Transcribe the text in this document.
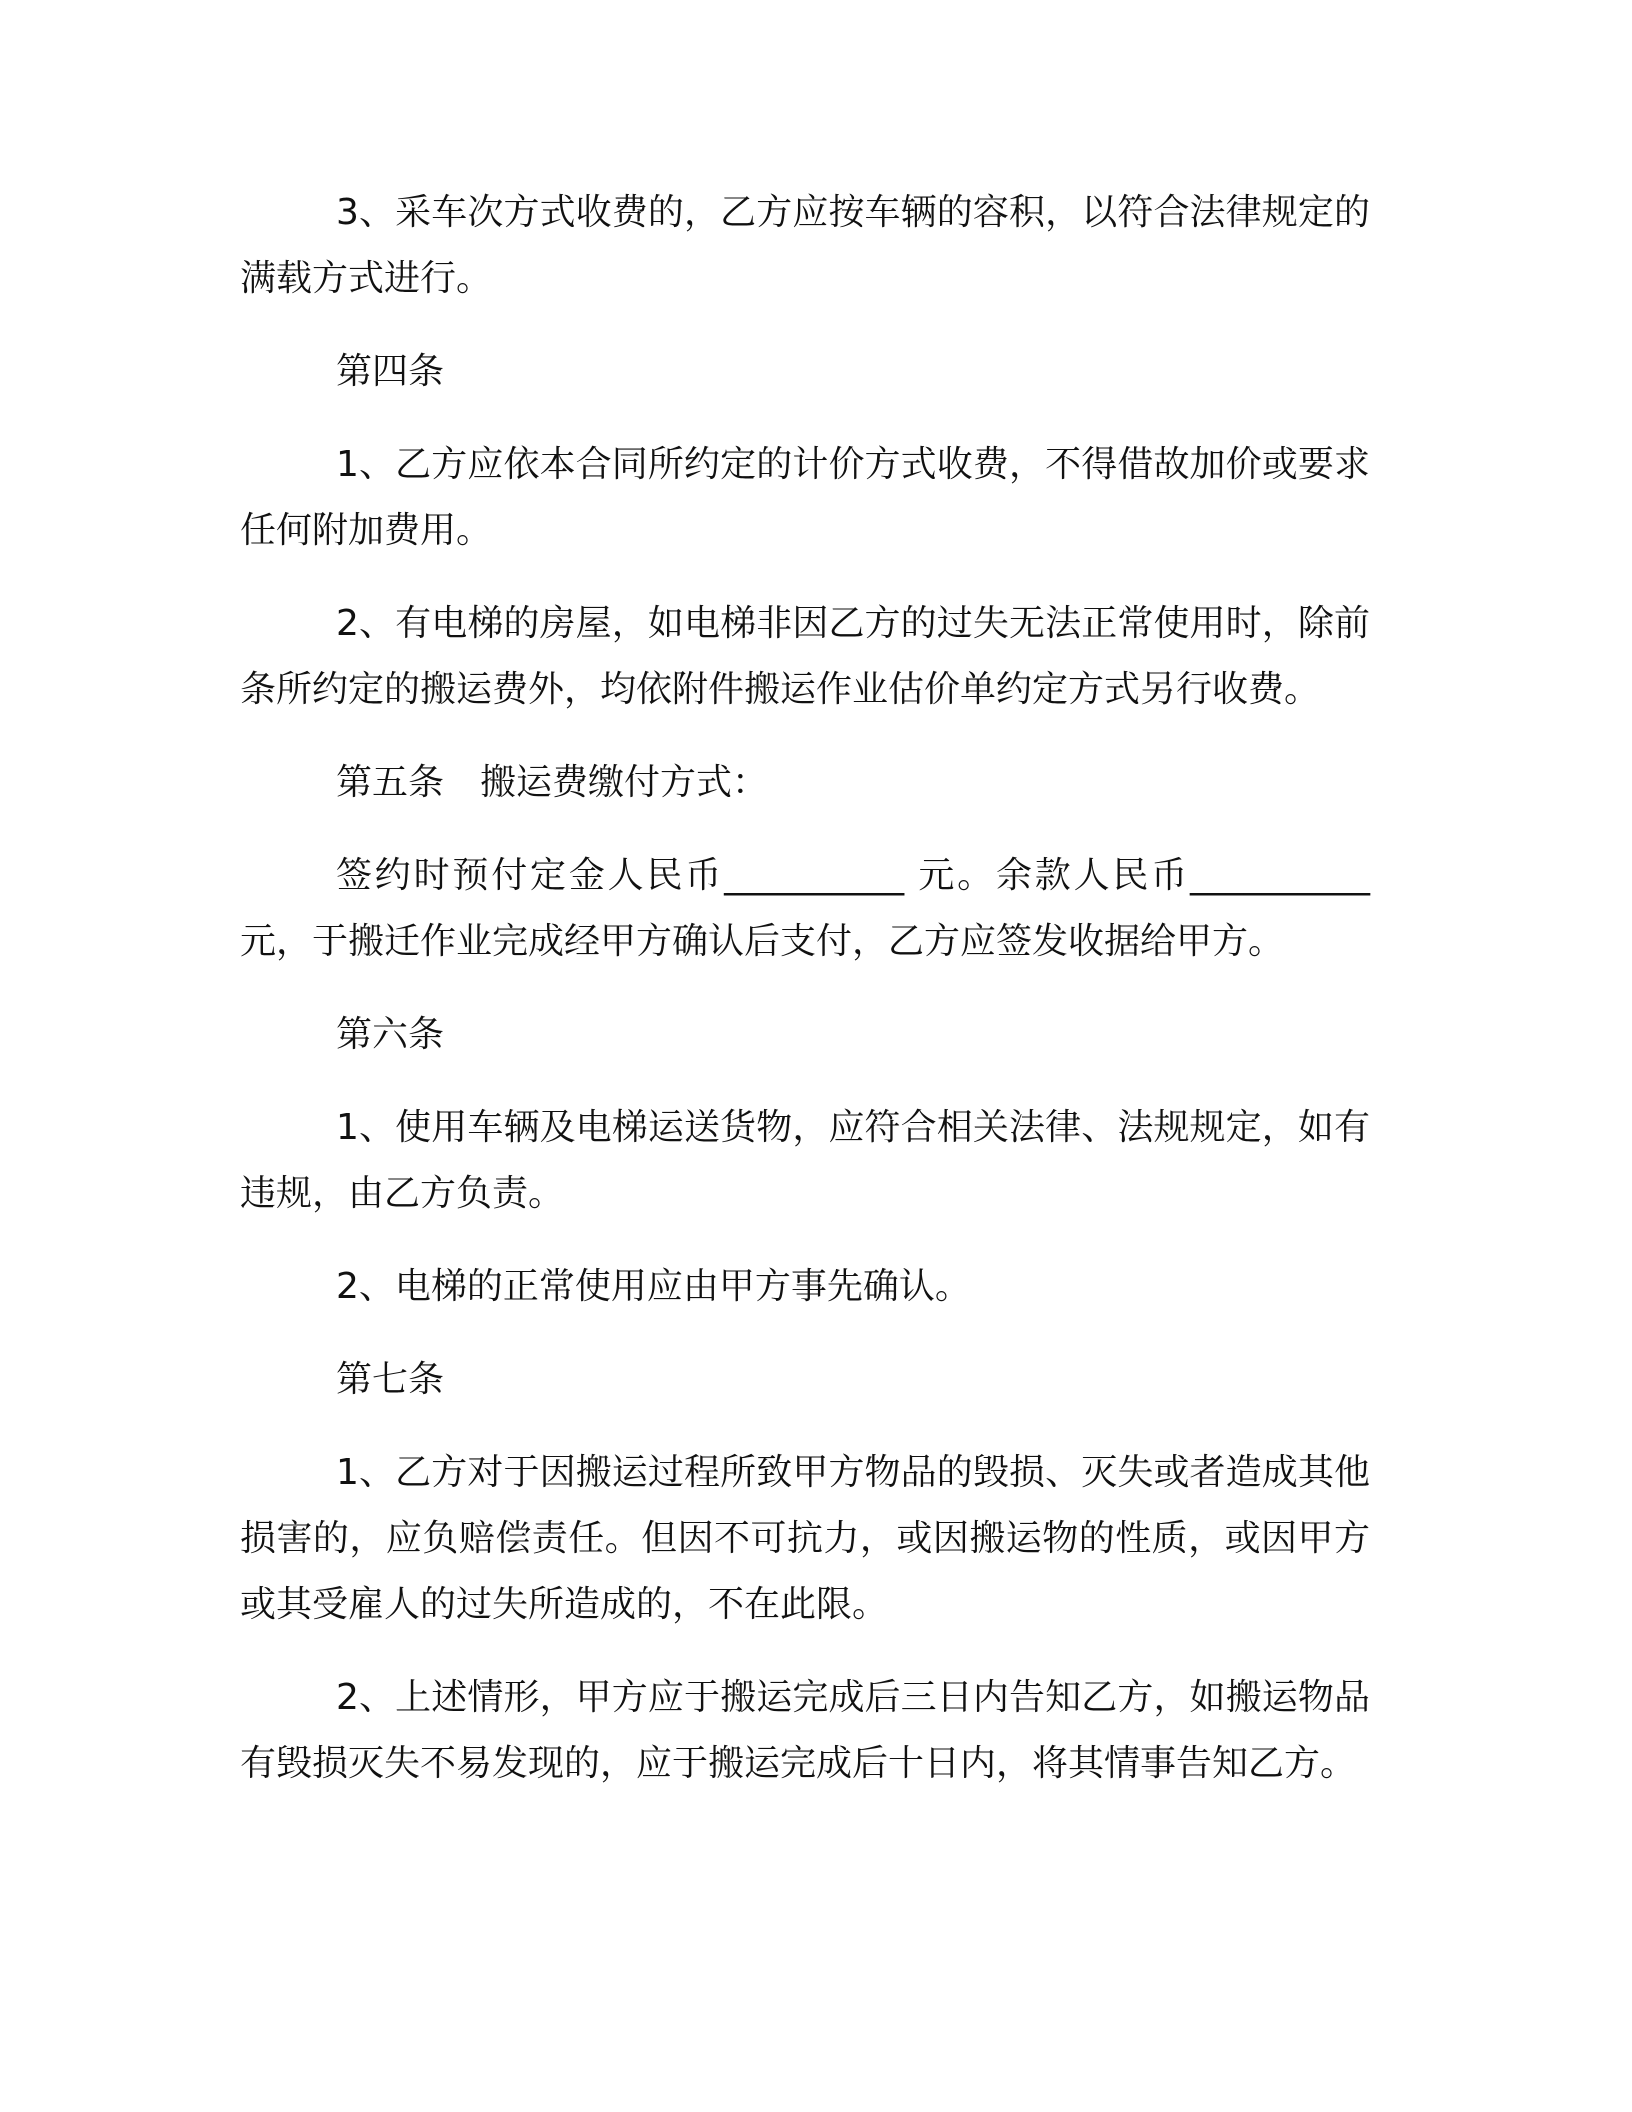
3、采车次方式收费的，乙方应按车辆的容积，以符合法律规定的满载方式进行。

第四条

1、乙方应依本合同所约定的计价方式收费，不得借故加价或要求任何附加费用。

2、有电梯的房屋，如电梯非因乙方的过失无法正常使用时，除前条所约定的搬运费外，均依附件搬运作业估价单约定方式另行收费。

第五条　搬运费缴付方式：

签约时预付定金人民币__________ 元。余款人民币__________元，于搬迁作业完成经甲方确认后支付，乙方应签发收据给甲方。

第六条

1、使用车辆及电梯运送货物，应符合相关法律、法规规定，如有违规，由乙方负责。

2、电梯的正常使用应由甲方事先确认。

第七条

1、乙方对于因搬运过程所致甲方物品的毁损、灭失或者造成其他损害的，应负赔偿责任。但因不可抗力，或因搬运物的性质，或因甲方或其受雇人的过失所造成的，不在此限。

2、上述情形，甲方应于搬运完成后三日内告知乙方，如搬运物品有毁损灭失不易发现的，应于搬运完成后十日内，将其情事告知乙方。
